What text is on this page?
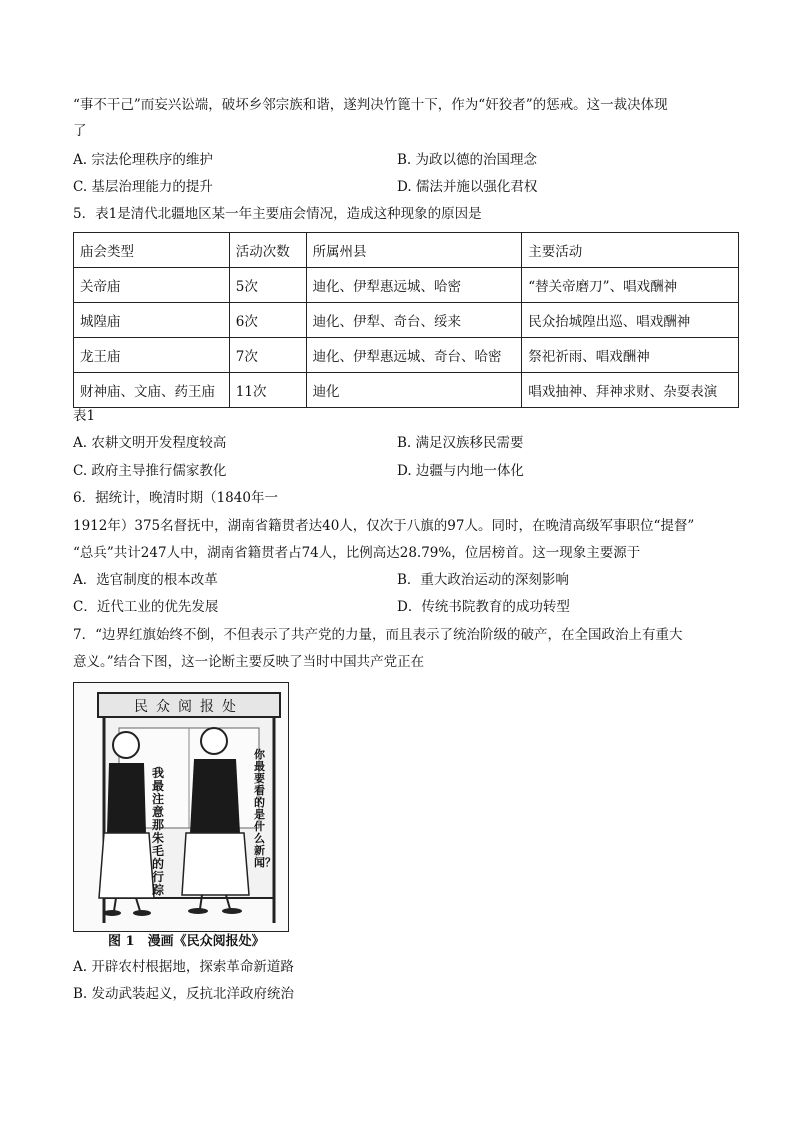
“事不干己”而妄兴讼端，破坏乡邻宗族和谐，遂判决竹篦十下，作为“奸狡者”的惩戒。这一裁决体现
了
A. 宗法伦理秩序的维护	B. 为政以德的治国理念
C. 基层治理能力的提升	D. 儒法并施以强化君权
5．表1是清代北疆地区某一年主要庙会情况，造成这种现象的原因是
庙会类型	活动次数	所属州县	主要活动
关帝庙	5次	迪化、伊犁惠远城、哈密	“替关帝磨刀”、唱戏酬神
城隍庙	6次	迪化、伊犁、奇台、绥来	民众抬城隍出巡、唱戏酬神
龙王庙	7次	迪化、伊犁惠远城、奇台、哈密	祭祀祈雨、唱戏酬神
财神庙、文庙、药王庙	11次	迪化	唱戏抽神、拜神求财、杂耍表演
表1
A. 农耕文明开发程度较高	B. 满足汉族移民需要
C. 政府主导推行儒家教化	D. 边疆与内地一体化
6．据统计，晚清时期（1840年一
1912年）375名督抚中，湖南省籍贯者达40人，仅次于八旗的97人。同时，在晚清高级军事职位“提督”
“总兵”共计247人中，湖南省籍贯者占74人，比例高达28.79%，位居榜首。这一现象主要源于
A．选官制度的根本改革	B．重大政治运动的深刻影响
C．近代工业的优先发展	D．传统书院教育的成功转型
7．“边界红旗始终不倒，不但表示了共产党的力量，而且表示了统治阶级的破产，在全国政治上有重大
意义。”结合下图，这一论断主要反映了当时中国共产党正在
民众阅报处
我最注意那朱毛的行踪
你最要看的是什么新闻？
图 1　漫画《民众阅报处》
A. 开辟农村根据地，探索革命新道路
B. 发动武装起义，反抗北洋政府统治
